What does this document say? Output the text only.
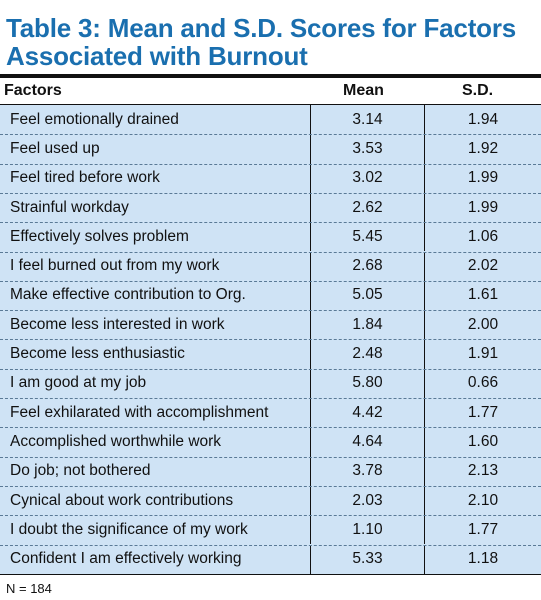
Table 3: Mean and S.D. Scores for Factors Associated with Burnout
Factors	Mean	S.D.
Feel emotionally drained	3.14	1.94
Feel used up	3.53	1.92
Feel tired before work	3.02	1.99
Strainful workday	2.62	1.99
Effectively solves problem	5.45	1.06
I feel burned out from my work	2.68	2.02
Make effective contribution to Org.	5.05	1.61
Become less interested in work	1.84	2.00
Become less enthusiastic	2.48	1.91
I am good at my job	5.80	0.66
Feel exhilarated with accomplishment	4.42	1.77
Accomplished worthwhile work	4.64	1.60
Do job; not bothered	3.78	2.13
Cynical about work contributions	2.03	2.10
I doubt the significance of my work	1.10	1.77
Confident I am effectively working	5.33	1.18
N = 184
